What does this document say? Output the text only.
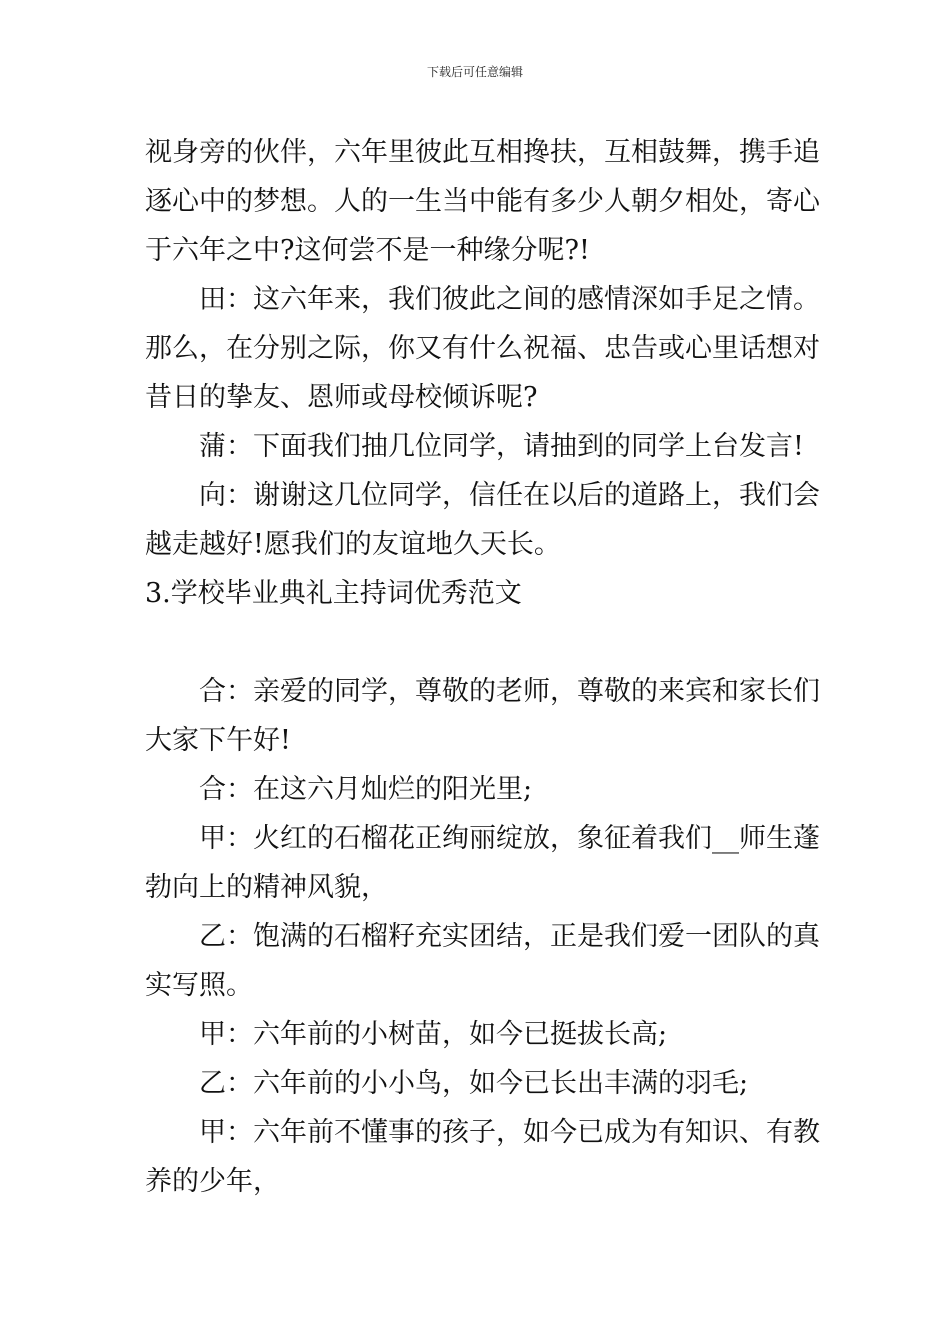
下载后可任意编辑
视身旁的伙伴，六年里彼此互相搀扶，互相鼓舞，携手追
逐心中的梦想。人的一生当中能有多少人朝夕相处，寄心
于六年之中?这何尝不是一种缘分呢?!
田：这六年来，我们彼此之间的感情深如手足之情。
那么，在分别之际，你又有什么祝福、忠告或心里话想对
昔日的挚友、恩师或母校倾诉呢?
蒲：下面我们抽几位同学，请抽到的同学上台发言!
向：谢谢这几位同学，信任在以后的道路上，我们会
越走越好!愿我们的友谊地久天长。
3.学校毕业典礼主持词优秀范文
合：亲爱的同学，尊敬的老师，尊敬的来宾和家长们
大家下午好!
合：在这六月灿烂的阳光里;
甲：火红的石榴花正绚丽绽放，象征着我们__师生蓬
勃向上的精神风貌，
乙：饱满的石榴籽充实团结，正是我们爱一团队的真
实写照。
甲：六年前的小树苗，如今已挺拔长高;
乙：六年前的小小鸟，如今已长出丰满的羽毛;
甲：六年前不懂事的孩子，如今已成为有知识、有教
养的少年，
